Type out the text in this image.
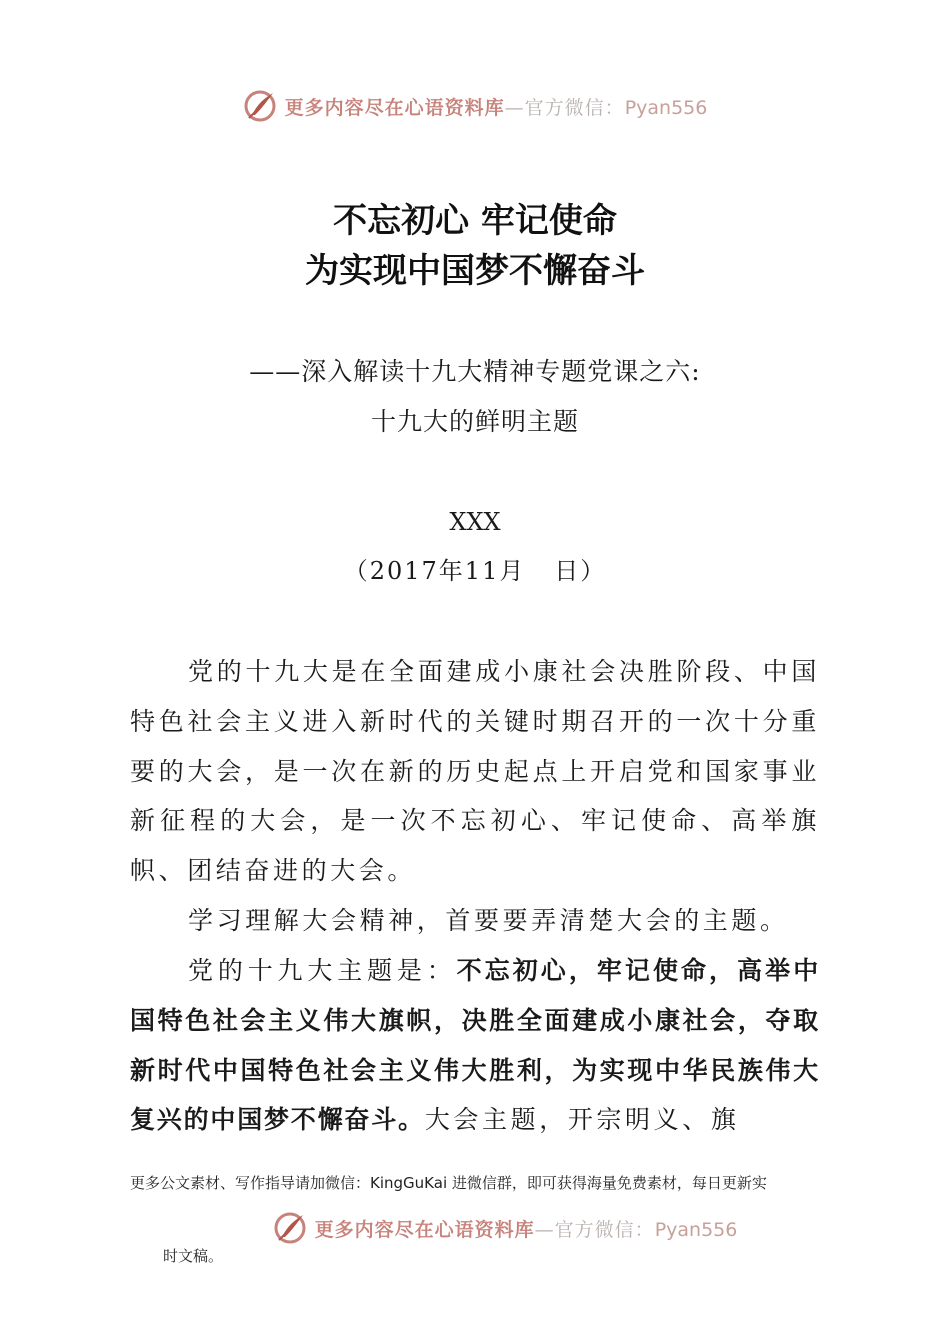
更多内容尽在心语资料库—官方微信：Pyan556
不忘初心 牢记使命
为实现中国梦不懈奋斗
——深入解读十九大精神专题党课之六:
十九大的鲜明主题
XXX
（2017年11月   日）

党的十九大是在全面建成小康社会决胜阶段、中国特色社会主义进入新时代的关键时期召开的一次十分重要的大会，是一次在新的历史起点上开启党和国家事业新征程的大会，是一次不忘初心、牢记使命、高举旗帜、团结奋进的大会。

学习理解大会精神，首要要弄清楚大会的主题。

党的十九大主题是：不忘初心，牢记使命，高举中国特色社会主义伟大旗帜，决胜全面建成小康社会，夺取新时代中国特色社会主义伟大胜利，为实现中华民族伟大复兴的中国梦不懈奋斗。大会主题，开宗明义、旗

更多公文素材、写作指导请加微信：KingGuKai 进微信群，即可获得海量免费素材，每日更新实
更多内容尽在心语资料库—官方微信：Pyan556
时文稿。
